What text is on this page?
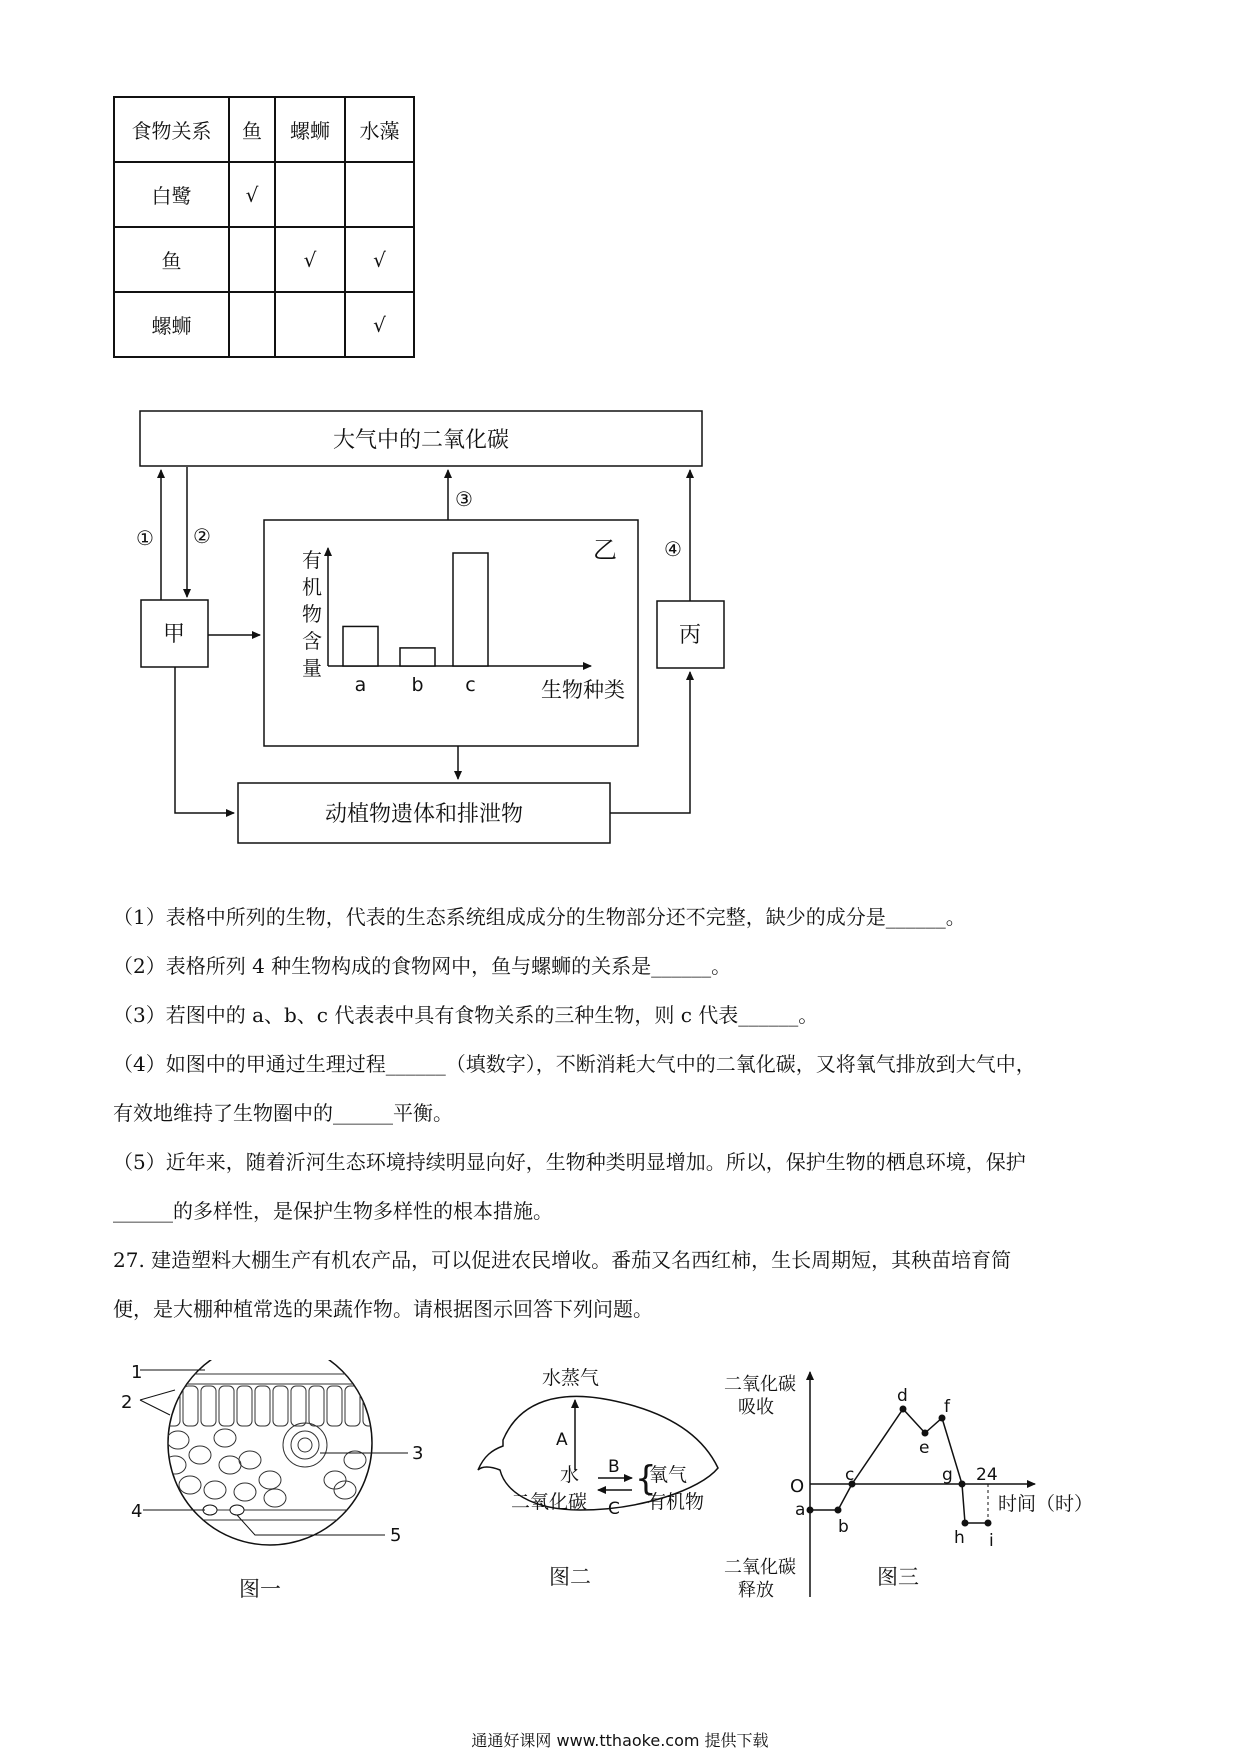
食物关系	鱼	螺蛳	水藻
白鹭	√		
鱼		√	√
螺蛳			√
大气中的二氧化碳
甲
乙
丙
动植物遗体和排泄物
① ②
③
④
有 机 物 含 量
生物种类
a b c
（1）表格中所列的生物，代表的生态系统组成成分的生物部分还不完整，缺少的成分是______。
（2）表格所列 4 种生物构成的食物网中，鱼与螺蛳的关系是______。
（3）若图中的 a、b、c 代表表中具有食物关系的三种生物，则 c 代表______。
（4）如图中的甲通过生理过程______（填数字），不断消耗大气中的二氧化碳，又将氧气排放到大气中，
有效地维持了生物圈中的______平衡。
（5）近年来，随着沂河生态环境持续明显向好，生物种类明显增加。所以，保护生物的栖息环境，保护
______的多样性，是保护生物多样性的根本措施。
27. 建造塑料大棚生产有机农产品，可以促进农民增收。番茄又名西红柿，生长周期短，其秧苗培育简
便，是大棚种植常选的果蔬作物。请根据图示回答下列问题。
1
2
3
4
5
图一
水蒸气
A
水
二氧化碳
B
C
{
氧气
有机物
图二
二氧化碳
吸收
二氧化碳
释放
O
24
时间（时）
a
b
c
d
e
f
g
h i
图三
通通好课网 www.tthaoke.com 提供下载
